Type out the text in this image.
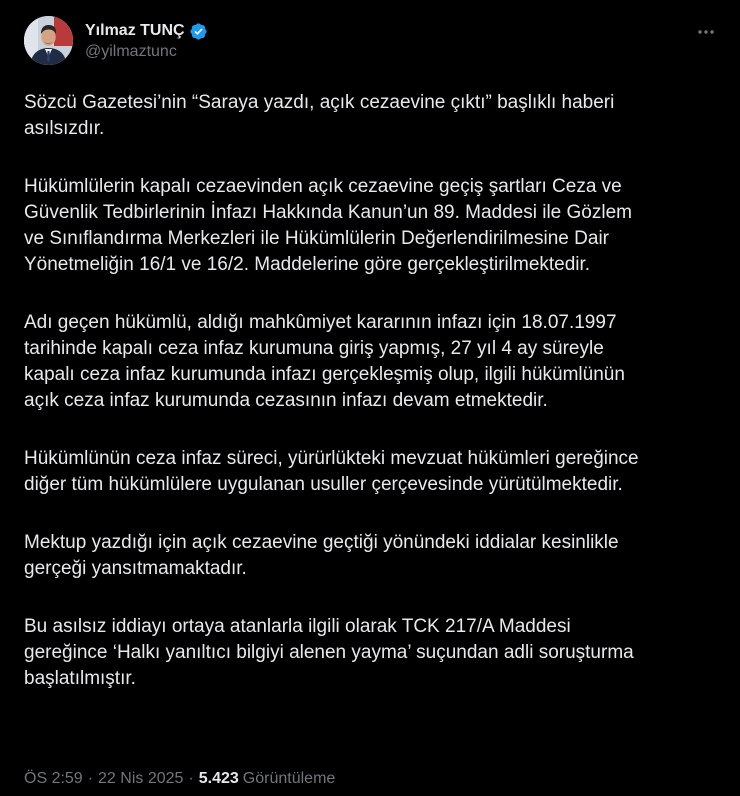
Yılmaz TUNÇ
@yilmaztunc

Sözcü Gazetesi’nin “Saraya yazdı, açık cezaevine çıktı” başlıklı haberi
asılsızdır.

Hükümlülerin kapalı cezaevinden açık cezaevine geçiş şartları Ceza ve
Güvenlik Tedbirlerinin İnfazı Hakkında Kanun’un 89. Maddesi ile Gözlem
ve Sınıflandırma Merkezleri ile Hükümlülerin Değerlendirilmesine Dair
Yönetmeliğin 16/1 ve 16/2. Maddelerine göre gerçekleştirilmektedir.

Adı geçen hükümlü, aldığı mahkûmiyet kararının infazı için 18.07.1997
tarihinde kapalı ceza infaz kurumuna giriş yapmış, 27 yıl 4 ay süreyle
kapalı ceza infaz kurumunda infazı gerçekleşmiş olup, ilgili hükümlünün
açık ceza infaz kurumunda cezasının infazı devam etmektedir.

Hükümlünün ceza infaz süreci, yürürlükteki mevzuat hükümleri gereğince
diğer tüm hükümlülere uygulanan usuller çerçevesinde yürütülmektedir.

Mektup yazdığı için açık cezaevine geçtiği yönündeki iddialar kesinlikle
gerçeği yansıtmamaktadır.

Bu asılsız iddiayı ortaya atanlarla ilgili olarak TCK 217/A Maddesi
gereğince ‘Halkı yanıltıcı bilgiyi alenen yayma’ suçundan adli soruşturma
başlatılmıştır.

ÖS 2:59 · 22 Nis 2025 · 5.423 Görüntüleme
